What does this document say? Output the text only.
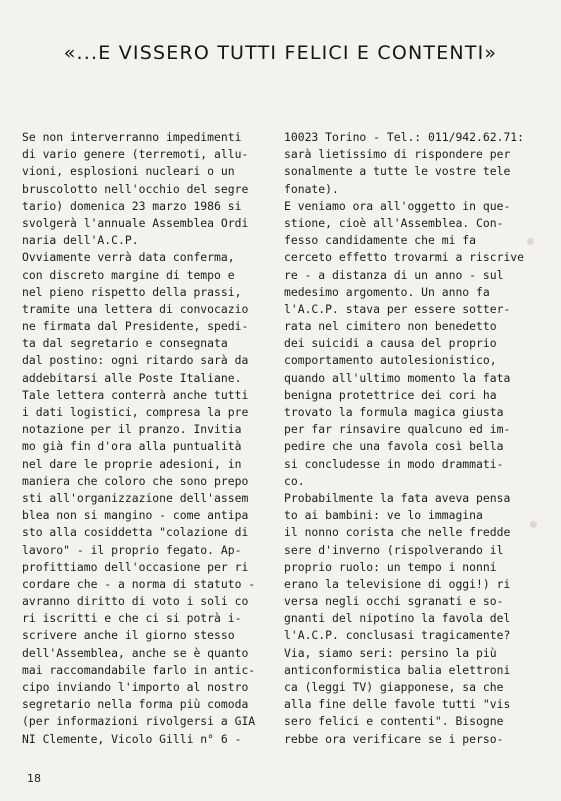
«...E VISSERO TUTTI FELICI E CONTENTI»
Se non interverranno impedimenti
di vario genere (terremoti, allu-
vioni, esplosioni nucleari o un
bruscolotto nell'occhio del segre
tario) domenica 23 marzo 1986 si
svolgerà l'annuale Assemblea Ordi
naria dell'A.C.P.
Ovviamente verrà data conferma,
con discreto margine di tempo e
nel pieno rispetto della prassi,
tramite una lettera di convocazio
ne firmata dal Presidente, spedi-
ta dal segretario e consegnata
dal postino: ogni ritardo sarà da
addebitarsi alle Poste Italiane.
Tale lettera conterrà anche tutti
i dati logistici, compresa la pre
notazione per il pranzo. Invitia
mo già fin d'ora alla puntualità
nel dare le proprie adesioni, in
maniera che coloro che sono prepo
sti all'organizzazione dell'assem
blea non si mangino - come antipa
sto alla cosiddetta "colazione di
lavoro" - il proprio fegato. Ap-
profittiamo dell'occasione per ri
cordare che - a norma di statuto -
avranno diritto di voto i soli co
ri iscritti e che ci si potrà i-
scrivere anche il giorno stesso
dell'Assemblea, anche se è quanto
mai raccomandabile farlo in antic-
cipo inviando l'importo al nostro
segretario nella forma più comoda
(per informazioni rivolgersi a GIA
NI Clemente, Vicolo Gilli n° 6 -
10023 Torino - Tel.: 011/942.62.71:
sarà lietissimo di rispondere per
sonalmente a tutte le vostre tele
fonate).
E veniamo ora all'oggetto in que-
stione, cioè all'Assemblea. Con-
fesso candidamente che mi fa
cerceto effetto trovarmi a riscrive
re - a distanza di un anno - sul
medesimo argomento. Un anno fa
l'A.C.P. stava per essere sotter-
rata nel cimitero non benedetto
dei suicidi a causa del proprio
comportamento autolesionistico,
quando all'ultimo momento la fata
benigna protettrice dei cori ha
trovato la formula magica giusta
per far rinsavire qualcuno ed im-
pedire che una favola così bella
si concludesse in modo drammati-
co.
Probabilmente la fata aveva pensa
to ai bambini: ve lo immagina
il nonno corista che nelle fredde
sere d'inverno (rispolverando il
proprio ruolo: un tempo i nonni
erano la televisione di oggi!) ri
versa negli occhi sgranati e so-
gnanti del nipotino la favola del
l'A.C.P. conclusasi tragicamente?
Via, siamo seri: persino la più
anticonformistica balia elettroni
ca (leggi TV) giapponese, sa che
alla fine delle favole tutti "vis
sero felici e contenti". Bisogne
rebbe ora verificare se i perso-
18
